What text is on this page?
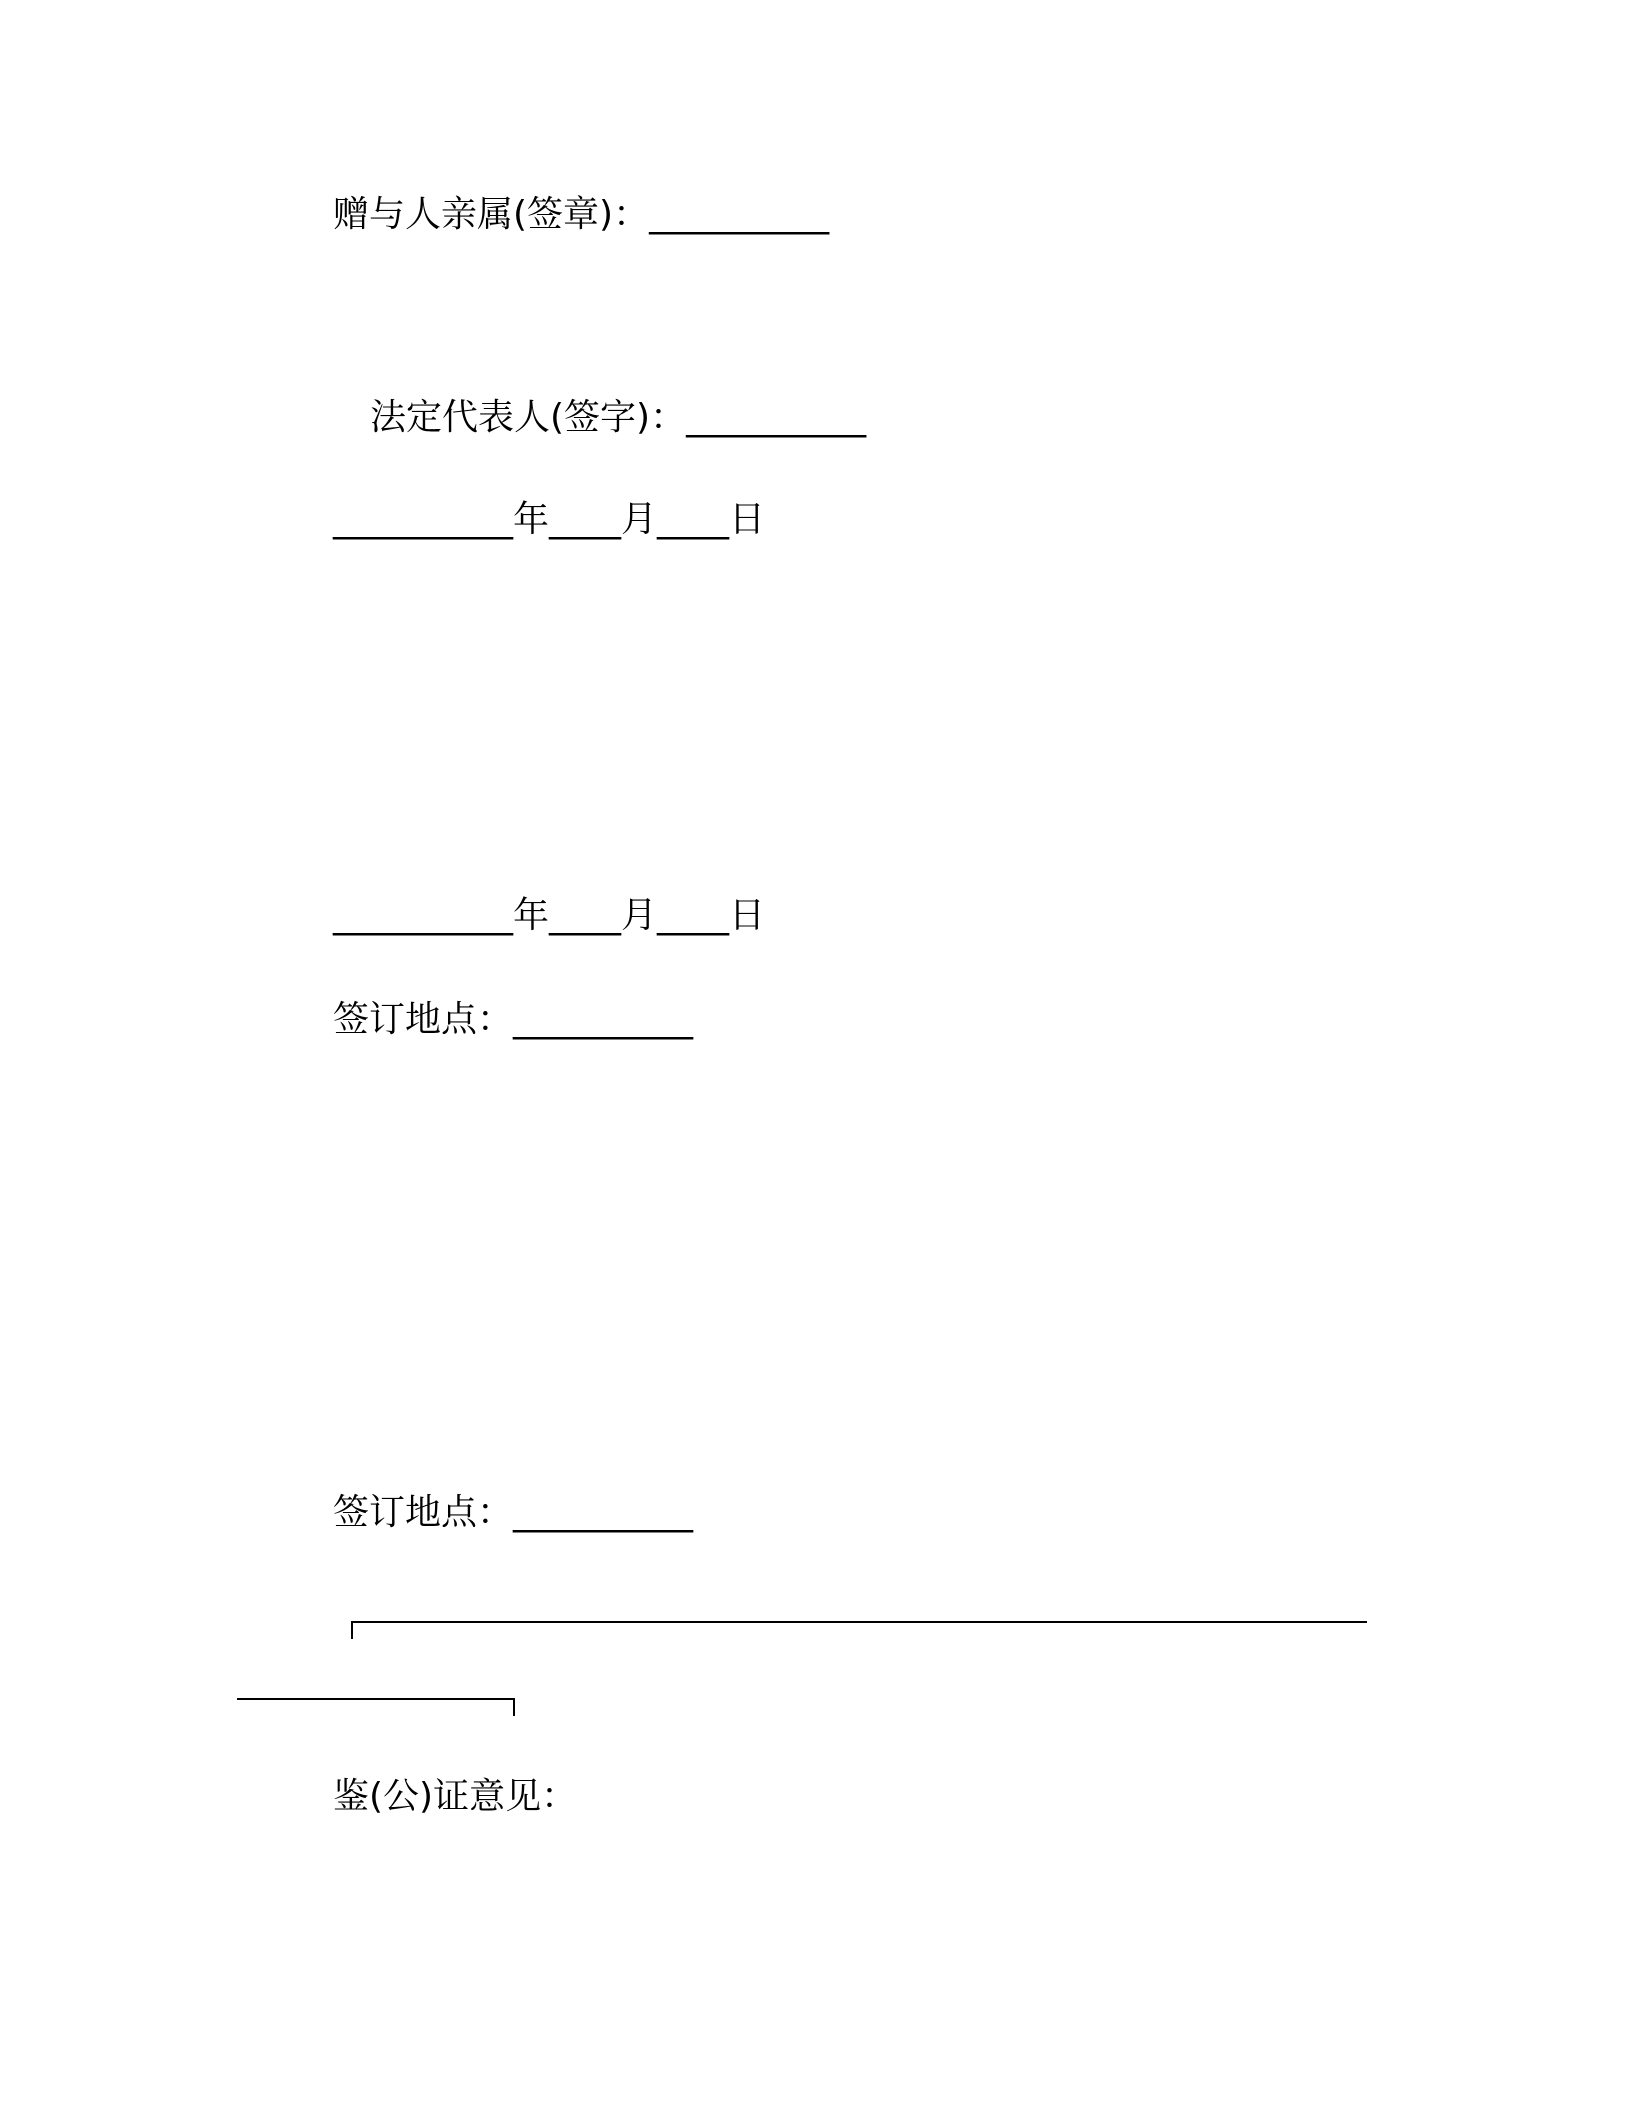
赠与人亲属(签章)：__________
法定代表人(签字)：__________
__________年____月____日
__________年____月____日
签订地点：__________
签订地点：__________
鉴(公)证意见：
